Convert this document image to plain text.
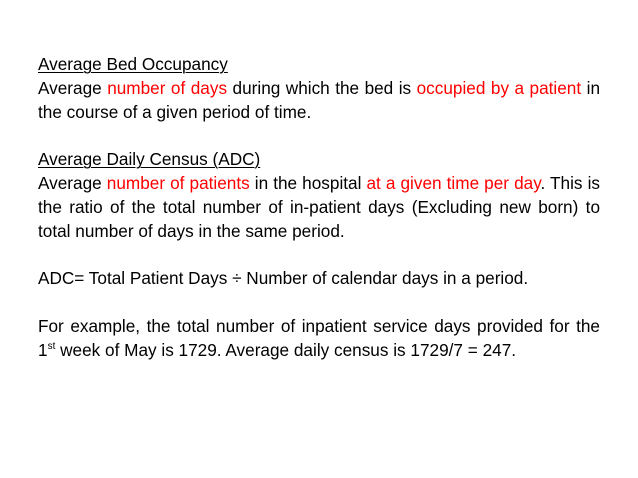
Average Bed Occupancy
Average number of days during which the bed is occupied by a patient in the course of a given period of time.
Average Daily Census (ADC)
Average number of patients in the hospital at a given time per day. This is the ratio of the total number of in-patient days (Excluding new born) to total number of days in the same period.
ADC= Total Patient Days ÷ Number of calendar days in a period.
For example, the total number of inpatient service days provided for the 1st week of May is 1729. Average daily census is 1729/7 = 247.
